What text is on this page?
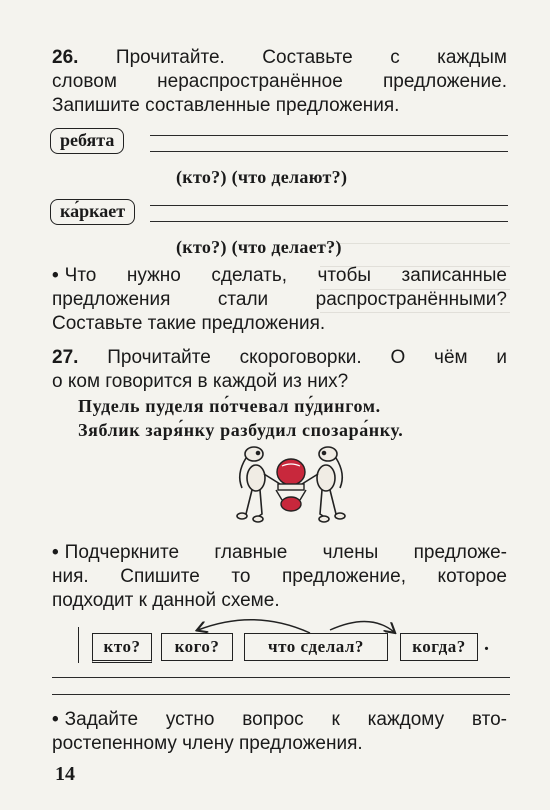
26. Прочитайте. Составьте с каждым
словом нераспространённое предложение.
Запишите составленные предложения.
ребята
(кто?) (что делают?)
ка́ркает
(кто?) (что делает?)
• Что нужно сделать, чтобы записанные
предложения стали распространёнными?
Составьте такие предложения.
27. Прочитайте скороговорки. О чём и
о ком говорится в каждой из них?
Пудель пуделя по́тчевал пу́дингом.
Зяблик заря́нку разбудил спозара́нку.
• Подчеркните главные члены предложе-
ния. Спишите то предложение, которое
подходит к данной схеме.
кто?	кого?	что сделал?	когда? .
• Задайте устно вопрос к каждому вто-
ростепенному члену предложения.
14
